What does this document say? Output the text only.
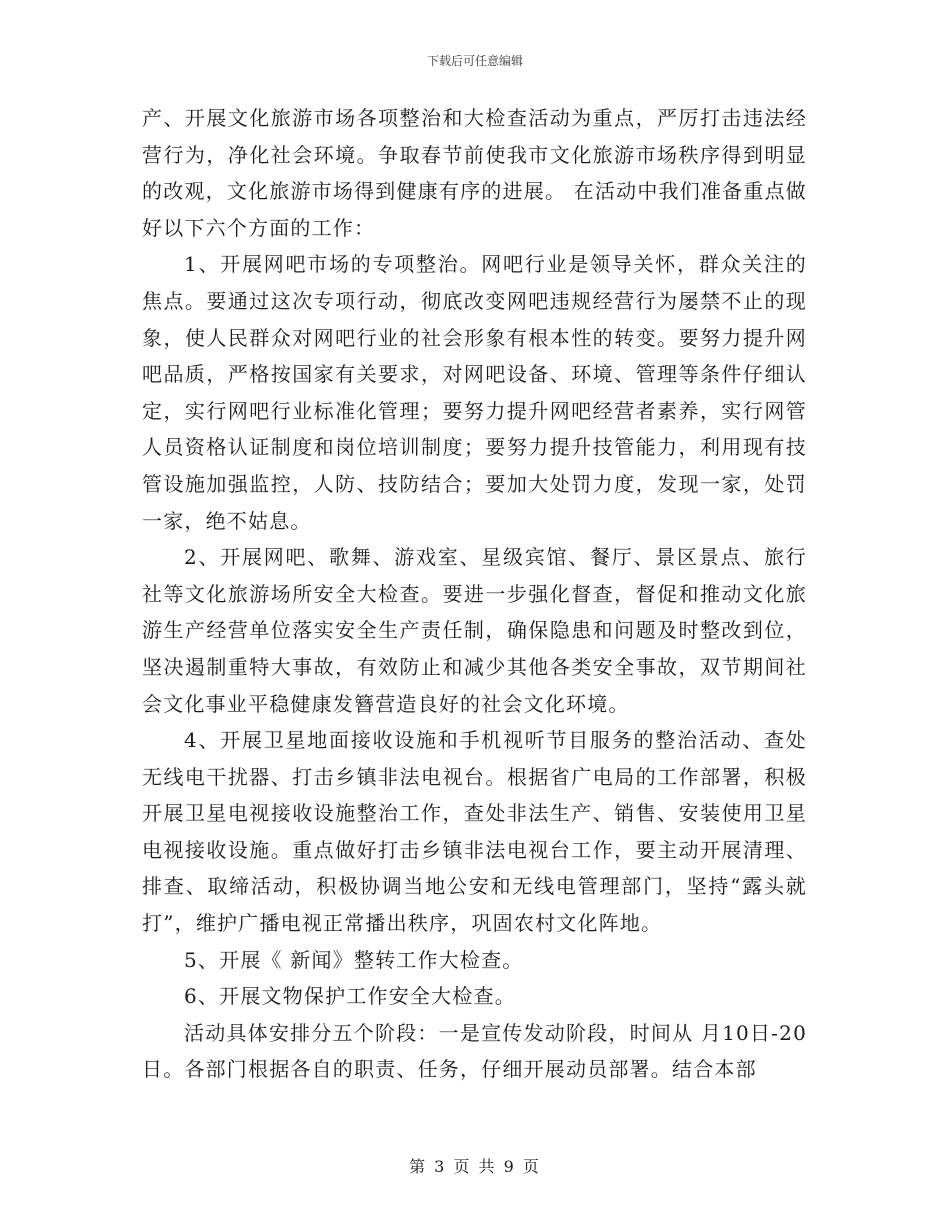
下载后可任意编辑

产、开展文化旅游市场各项整治和大检查活动为重点，严厉打击违法经营行为，净化社会环境。争取春节前使我市文化旅游市场秩序得到明显的改观，文化旅游市场得到健康有序的进展。 在活动中我们准备重点做好以下六个方面的工作：

1、开展网吧市场的专项整治。网吧行业是领导关怀，群众关注的焦点。要通过这次专项行动，彻底改变网吧违规经营行为屡禁不止的现象，使人民群众对网吧行业的社会形象有根本性的转变。要努力提升网吧品质，严格按国家有关要求，对网吧设备、环境、管理等条件仔细认定，实行网吧行业标准化管理；要努力提升网吧经营者素养，实行网管人员资格认证制度和岗位培训制度；要努力提升技管能力，利用现有技管设施加强监控，人防、技防结合；要加大处罚力度，发现一家，处罚一家，绝不姑息。

2、开展网吧、歌舞、游戏室、星级宾馆、餐厅、景区景点、旅行社等文化旅游场所安全大检查。要进一步强化督查，督促和推动文化旅游生产经营单位落实安全生产责任制，确保隐患和问题及时整改到位，坚决遏制重特大事故，有效防止和减少其他各类安全事故，双节期间社会文化事业平稳健康发簪营造良好的社会文化环境。

4、开展卫星地面接收设施和手机视听节目服务的整治活动、查处无线电干扰器、打击乡镇非法电视台。根据省广电局的工作部署，积极开展卫星电视接收设施整治工作，查处非法生产、销售、安装使用卫星电视接收设施。重点做好打击乡镇非法电视台工作，要主动开展清理、排查、取缔活动，积极协调当地公安和无线电管理部门，坚持“露头就打”，维护广播电视正常播出秩序，巩固农村文化阵地。

5、开展《 新闻》整转工作大检查。

6、开展文物保护工作安全大检查。

活动具体安排分五个阶段：一是宣传发动阶段，时间从 月10日-20日。各部门根据各自的职责、任务，仔细开展动员部署。结合本部

第 3 页 共 9 页
